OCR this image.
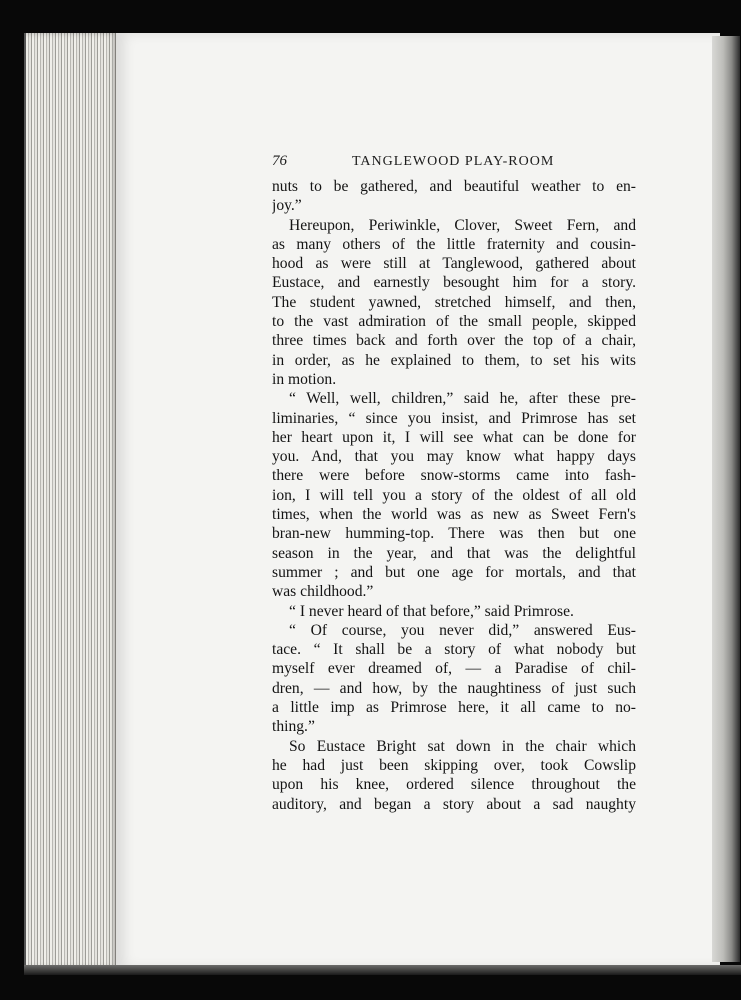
76	TANGLEWOOD PLAY-ROOM
nuts to be gathered, and beautiful weather to en-
joy.”
Hereupon, Periwinkle, Clover, Sweet Fern, and
as many others of the little fraternity and cousin-
hood as were still at Tanglewood, gathered about
Eustace, and earnestly besought him for a story.
The student yawned, stretched himself, and then,
to the vast admiration of the small people, skipped
three times back and forth over the top of a chair,
in order, as he explained to them, to set his wits
in motion.
“ Well, well, children,” said he, after these pre-
liminaries, “ since you insist, and Primrose has set
her heart upon it, I will see what can be done for
you. And, that you may know what happy days
there were before snow-storms came into fash-
ion, I will tell you a story of the oldest of all old
times, when the world was as new as Sweet Fern's
bran-new humming-top. There was then but one
season in the year, and that was the delightful
summer ; and but one age for mortals, and that
was childhood.”
“ I never heard of that before,” said Primrose.
“ Of course, you never did,” answered Eus-
tace. “ It shall be a story of what nobody but
myself ever dreamed of, — a Paradise of chil-
dren, — and how, by the naughtiness of just such
a little imp as Primrose here, it all came to no-
thing.”
So Eustace Bright sat down in the chair which
he had just been skipping over, took Cowslip
upon his knee, ordered silence throughout the
auditory, and began a story about a sad naughty
